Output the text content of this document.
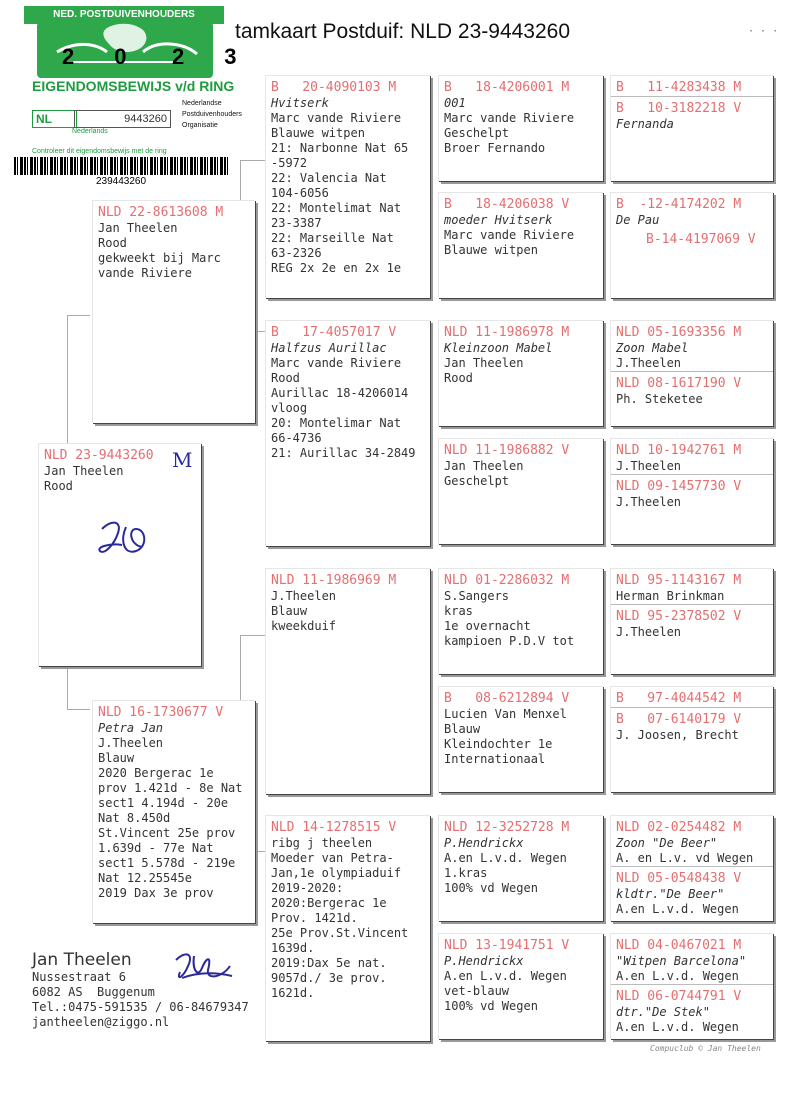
tamkaart Postduif: NLD 23-9443260	· · ·
NED. POSTDUIVENHOUDERS
20 23
EIGENDOMSBEWIJS v/d RING
NL	9443260
Nederlands
Nederlandse
Postduivenhouders
Organisatie
Controleer dit eigendomsbewijs met de ring
239443260
NLD 23-9443260
Jan Theelen
Rood
M
NLD 22-8613608 M
Jan Theelen
Rood
gekweekt bij Marc
vande Riviere
NLD 16-1730677 V
Petra Jan
J.Theelen
Blauw
2020 Bergerac 1e
prov 1.421d - 8e Nat
sect1 4.194d - 20e
Nat 8.450d
St.Vincent 25e prov
1.639d - 77e Nat
sect1 5.578d - 219e
Nat 12.25545e
2019 Dax 3e prov
B   20-4090103 M
Hvitserk
Marc vande Riviere
Blauwe witpen
21: Narbonne Nat 65
-5972
22: Valencia Nat
104-6056
22: Montelimat Nat
23-3387
22: Marseille Nat
63-2326
REG 2x 2e en 2x 1e
B   17-4057017 V
Halfzus Aurillac
Marc vande Riviere
Rood
Aurillac 18-4206014
vloog
20: Montelimar Nat
66-4736
21: Aurillac 34-2849
NLD 11-1986969 M
J.Theelen
Blauw
kweekduif
NLD 14-1278515 V
ribg j theelen
Moeder van Petra-
Jan,1e olympiaduif
2019-2020:
2020:Bergerac 1e
Prov. 1421d.
25e Prov.St.Vincent
1639d.
2019:Dax 5e nat.
9057d./ 3e prov.
1621d.
B   18-4206001 M
001
Marc vande Riviere
Geschelpt
Broer Fernando
B   18-4206038 V
moeder Hvitserk
Marc vande Riviere
Blauwe witpen
NLD 11-1986978 M
Kleinzoon Mabel
Jan Theelen
Rood
NLD 11-1986882 V
Jan Theelen
Geschelpt
NLD 01-2286032 M
S.Sangers
kras
1e overnacht
kampioen P.D.V tot
B   08-6212894 V
Lucien Van Menxel
Blauw
Kleindochter 1e
Internationaal
NLD 12-3252728 M
P.Hendrickx
A.en L.v.d. Wegen
1.kras
100% vd Wegen
NLD 13-1941751 V
P.Hendrickx
A.en L.v.d. Wegen
vet-blauw
100% vd Wegen
B   11-4283438 M
B   10-3182218 V
Fernanda
B  -12-4174202 M
De Pau
B-14-4197069 V
NLD 05-1693356 M
Zoon Mabel
J.Theelen
NLD 08-1617190 V
Ph. Steketee
NLD 10-1942761 M
J.Theelen
NLD 09-1457730 V
J.Theelen
NLD 95-1143167 M
Herman Brinkman
NLD 95-2378502 V
J.Theelen
B   97-4044542 M
B   07-6140179 V
J. Joosen, Brecht
NLD 02-0254482 M
Zoon "De Beer"
A. en L.v. vd Wegen
NLD 05-0548438 V
kldtr."De Beer"
A.en L.v.d. Wegen
NLD 04-0467021 M
"Witpen Barcelona"
A.en L.v.d. Wegen
NLD 06-0744791 V
dtr."De Stek"
A.en L.v.d. Wegen
Jan Theelen
Nussestraat 6
6082 AS  Buggenum
Tel.:0475-591535 / 06-84679347
jantheelen@ziggo.nl
Compuclub © Jan Theelen
